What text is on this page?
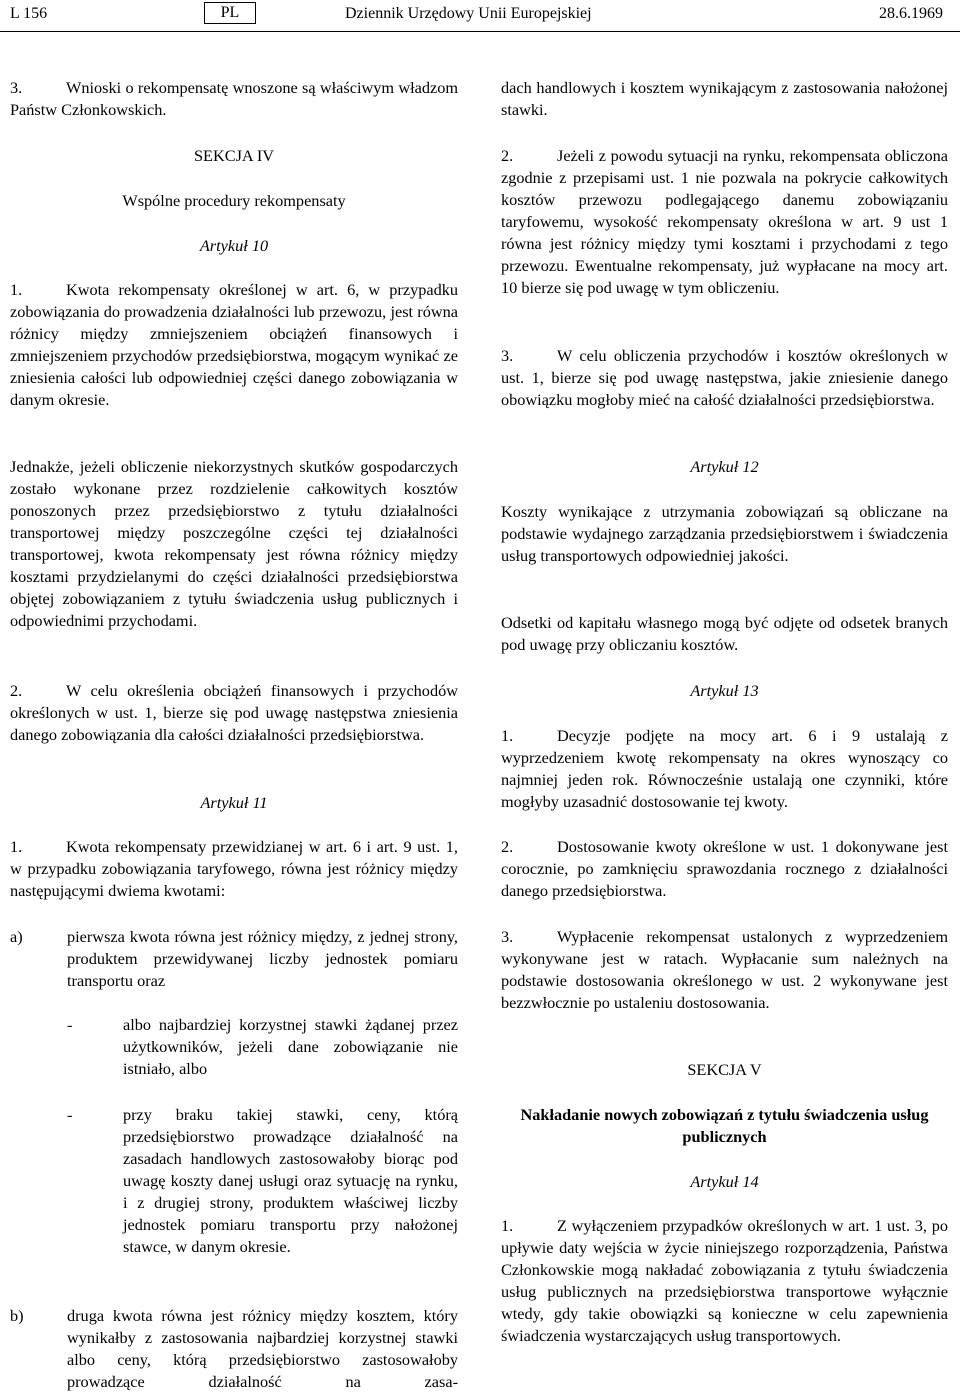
L 156	PL	Dziennik Urzędowy Unii Europejskiej	28.6.1969

3.	Wnioski o rekompensatę wnoszone są właściwym władzom Państw Członkowskich.

SEKCJA IV

Wspólne procedury rekompensaty

Artykuł 10

1.	Kwota rekompensaty określonej w art. 6, w przypadku zobowiązania do prowadzenia działalności lub przewozu, jest równa różnicy między zmniejszeniem obciążeń finansowych i zmniejszeniem przychodów przedsiębiorstwa, mogącym wynikać ze zniesienia całości lub odpowiedniej części danego zobowiązania w danym okresie.

Jednakże, jeżeli obliczenie niekorzystnych skutków gospodarczych zostało wykonane przez rozdzielenie całkowitych kosztów ponoszonych przez przedsiębiorstwo z tytułu działalności transportowej między poszczególne części tej działalności transportowej, kwota rekompensaty jest równa różnicy między kosztami przydzielanymi do części działalności przedsiębiorstwa objętej zobowiązaniem z tytułu świadczenia usług publicznych i odpowiednimi przychodami.

2.	W celu określenia obciążeń finansowych i przychodów określonych w ust. 1, bierze się pod uwagę następstwa zniesienia danego zobowiązania dla całości działalności przedsiębiorstwa.

Artykuł 11

1.	Kwota rekompensaty przewidzianej w art. 6 i art. 9 ust. 1, w przypadku zobowiązania taryfowego, równa jest różnicy między następującymi dwiema kwotami:

a)	pierwsza kwota równa jest różnicy między, z jednej strony, produktem przewidywanej liczby jednostek pomiaru transportu oraz

-	albo najbardziej korzystnej stawki żądanej przez użytkowników, jeżeli dane zobowiązanie nie istniało, albo

-	przy braku takiej stawki, ceny, którą przedsiębiorstwo prowadzące działalność na zasadach handlowych zastosowałoby biorąc pod uwagę koszty danej usługi oraz sytuację na rynku, i z drugiej strony, produktem właściwej liczby jednostek pomiaru transportu przy nałożonej stawce, w danym okresie.

b)	druga kwota równa jest różnicy między kosztem, który wynikałby z zastosowania najbardziej korzystnej stawki albo ceny, którą przedsiębiorstwo zastosowałoby prowadzące działalność na zasa-

dach handlowych i kosztem wynikającym z zastosowania nałożonej stawki.

2.	Jeżeli z powodu sytuacji na rynku, rekompensata obliczona zgodnie z przepisami ust. 1 nie pozwala na pokrycie całkowitych kosztów przewozu podlegającego danemu zobowiązaniu taryfowemu, wysokość rekompensaty określona w art. 9 ust 1 równa jest różnicy między tymi kosztami i przychodami z tego przewozu. Ewentualne rekompensaty, już wypłacane na mocy art. 10 bierze się pod uwagę w tym obliczeniu.

3.	W celu obliczenia przychodów i kosztów określonych w ust. 1, bierze się pod uwagę następstwa, jakie zniesienie danego obowiązku mogłoby mieć na całość działalności przedsiębiorstwa.

Artykuł 12

Koszty wynikające z utrzymania zobowiązań są obliczane na podstawie wydajnego zarządzania przedsiębiorstwem i świadczenia usług transportowych odpowiedniej jakości.

Odsetki od kapitału własnego mogą być odjęte od odsetek branych pod uwagę przy obliczaniu kosztów.

Artykuł 13

1.	Decyzje podjęte na mocy art. 6 i 9 ustalają z wyprzedzeniem kwotę rekompensaty na okres wynoszący co najmniej jeden rok. Równocześnie ustalają one czynniki, które mogłyby uzasadnić dostosowanie tej kwoty.

2.	Dostosowanie kwoty określone w ust. 1 dokonywane jest corocznie, po zamknięciu sprawozdania rocznego z działalności danego przedsiębiorstwa.

3.	Wypłacenie rekompensat ustalonych z wyprzedzeniem wykonywane jest w ratach. Wypłacanie sum należnych na podstawie dostosowania określonego w ust. 2 wykonywane jest bezzwłocznie po ustaleniu dostosowania.

SEKCJA V

Nakładanie nowych zobowiązań z tytułu świadczenia usług publicznych

Artykuł 14

1.	Z wyłączeniem przypadków określonych w art. 1 ust. 3, po upływie daty wejścia w życie niniejszego rozporządzenia, Państwa Członkowskie mogą nakładać zobowiązania z tytułu świadczenia usług publicznych na przedsiębiorstwa transportowe wyłącznie wtedy, gdy takie obowiązki są konieczne w celu zapewnienia świadczenia wystarczających usług transportowych.
